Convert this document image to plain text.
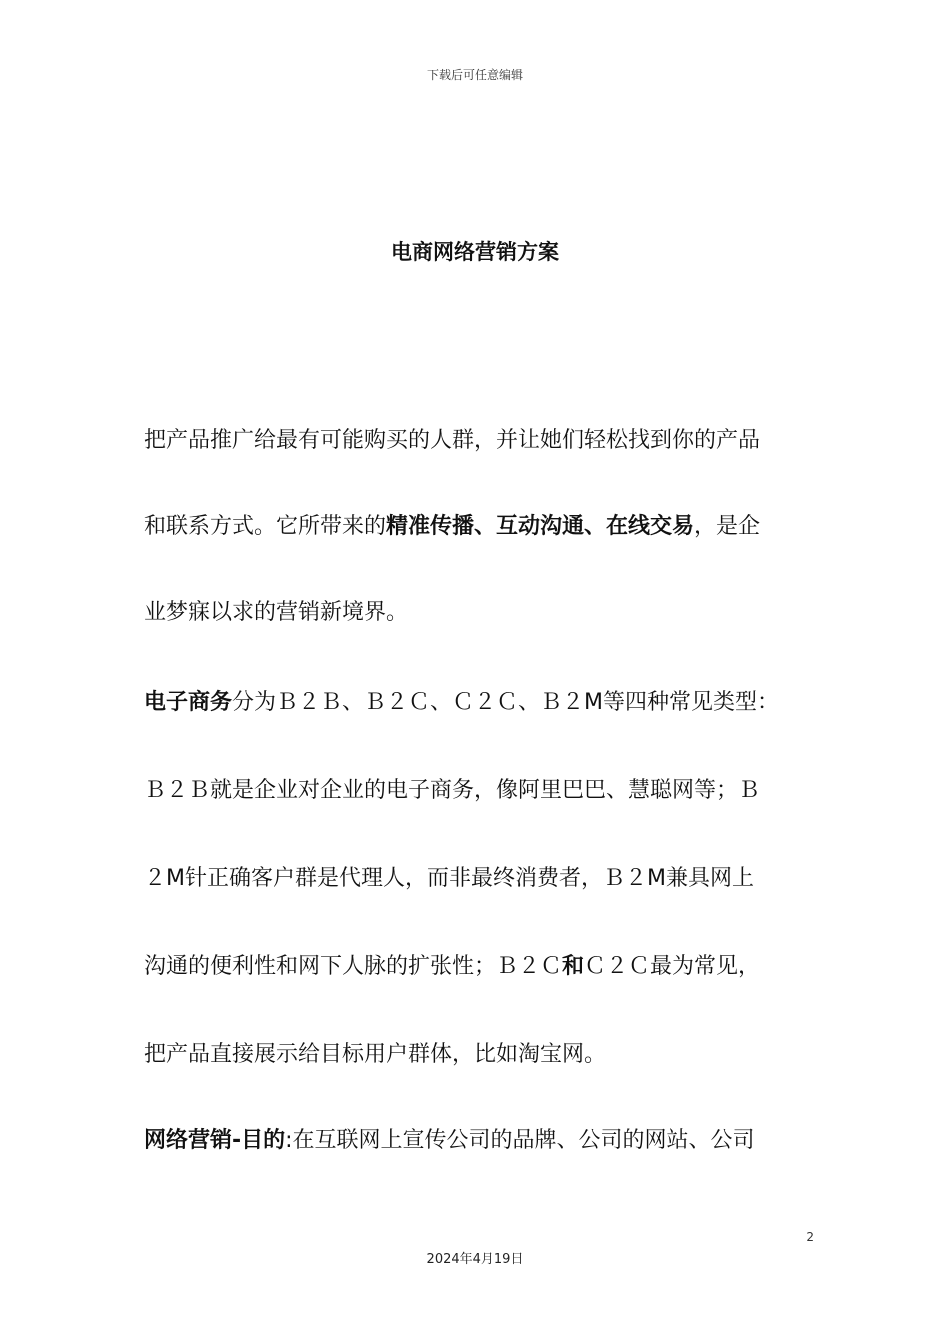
下载后可任意编辑
电商网络营销方案
把产品推广给最有可能购买的人群，并让她们轻松找到你的产品
和联系方式。它所带来的精准传播、互动沟通、在线交易，是企
业梦寐以求的营销新境界。
电子商务分为Ｂ２Ｂ、Ｂ２Ｃ、Ｃ２Ｃ、Ｂ２M等四种常见类型：
Ｂ２Ｂ就是企业对企业的电子商务，像阿里巴巴、慧聪网等；Ｂ
２M针正确客户群是代理人，而非最终消费者，Ｂ２M兼具网上
沟通的便利性和网下人脉的扩张性；Ｂ２Ｃ和Ｃ２Ｃ最为常见，
把产品直接展示给目标用户群体，比如淘宝网。
网络营销-目的:在互联网上宣传公司的品牌、公司的网站、公司
2
2024年4月19日
